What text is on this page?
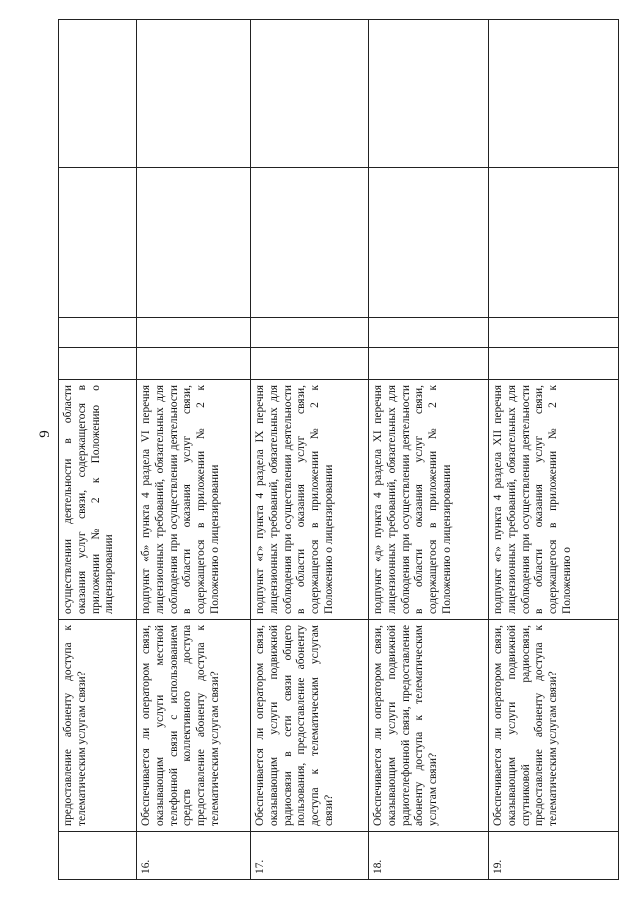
9
	предоставление абоненту доступа к телематическим услугам связи?	осуществлении деятельности в области оказания услуг связи, содержащегося в приложении № 2 к Положению о лицензировании				
16.	Обеспечивается ли оператором связи, оказывающим услуги местной телефонной связи с использованием средств коллективного доступа предоставление абоненту доступа к телематическим услугам связи?	подпункт «б» пункта 4 раздела VI перечня лицензионных требований, обязательных для соблюдения при осуществлении деятельности в области оказания услуг связи, содержащегося в приложении № 2 к Положению о лицензировании				
17.	Обеспечивается ли оператором связи, оказывающим услуги подвижной радиосвязи в сети связи общего пользования, предоставление абоненту доступа к телематическим услугам связи?	подпункт «г» пункта 4 раздела IX перечня лицензионных требований, обязательных для соблюдения при осуществлении деятельности в области оказания услуг связи, содержащегося в приложении № 2 к Положению о лицензировании				
18.	Обеспечивается ли оператором связи, оказывающим услуги подвижной радиотелефонной связи, предоставление абоненту доступа к телематическим услугам связи?	подпункт «д» пункта 4 раздела XI перечня лицензионных требований, обязательных для соблюдения при осуществлении деятельности в области оказания услуг связи, содержащегося в приложении № 2 к Положению о лицензировании				
19.	Обеспечивается ли оператором связи, оказывающим услуги подвижной спутниковой радиосвязи, предоставление абоненту доступа к телематическим услугам связи?	подпункт «г» пункта 4 раздела XII перечня лицензионных требований, обязательных для соблюдения при осуществлении деятельности в области оказания услуг связи, содержащегося в приложении № 2 к Положению о				
